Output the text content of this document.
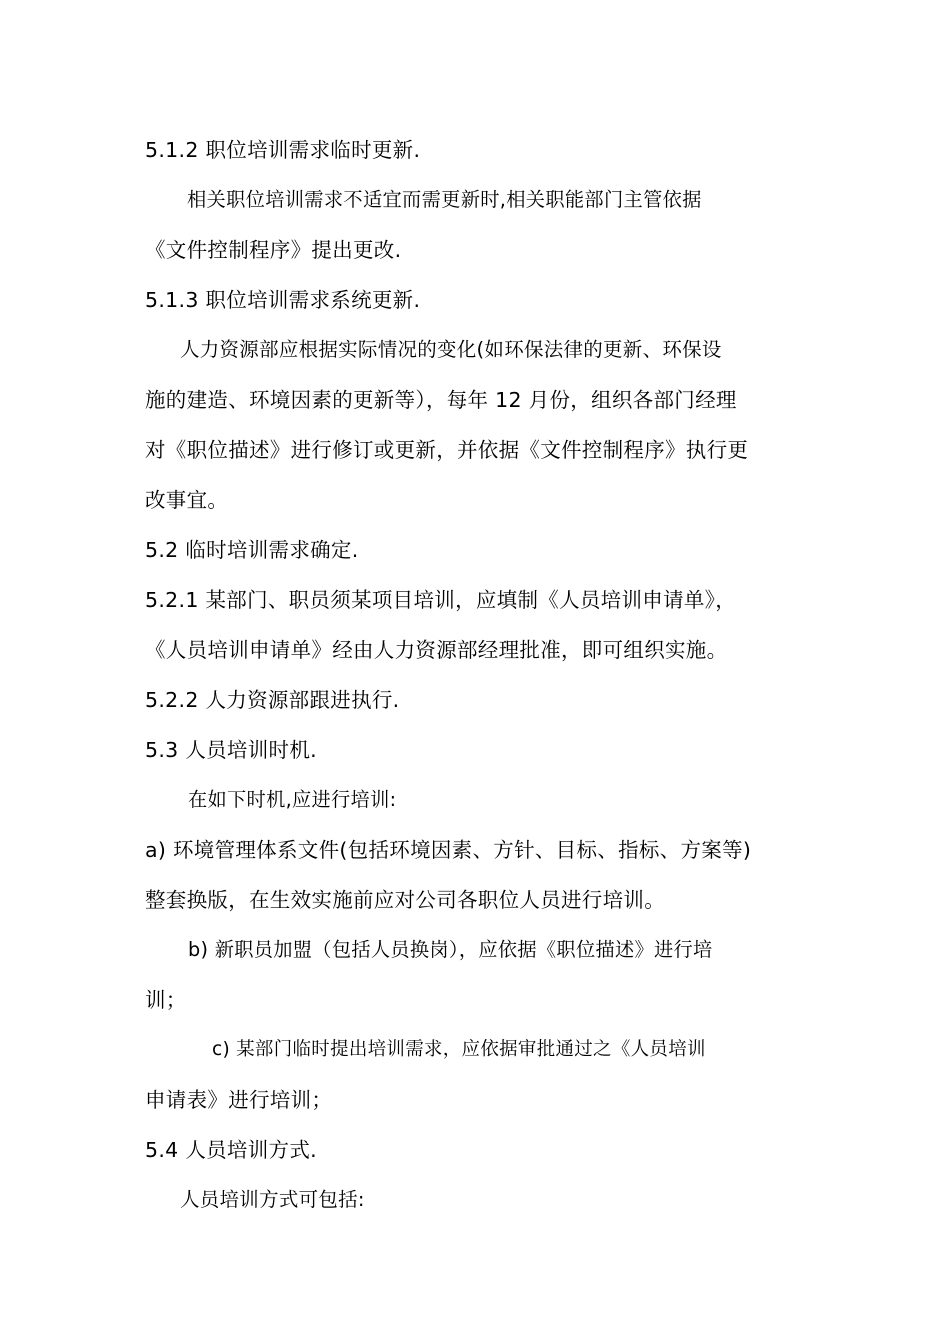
5.1.2 职位培训需求临时更新.
相关职位培训需求不适宜而需更新时,相关职能部门主管依据
《文件控制程序》提出更改.
5.1.3 职位培训需求系统更新.
人力资源部应根据实际情况的变化(如环保法律的更新、环保设
施的建造、环境因素的更新等），每年 12 月份，组织各部门经理
对《职位描述》进行修订或更新，并依据《文件控制程序》执行更
改事宜。
5.2 临时培训需求确定.
5.2.1 某部门、职员须某项目培训，应填制《人员培训申请单》，
《人员培训申请单》经由人力资源部经理批准，即可组织实施。
5.2.2 人力资源部跟进执行.
5.3 人员培训时机.
在如下时机,应进行培训:
a) 环境管理体系文件(包括环境因素、方针、目标、指标、方案等)
整套换版，在生效实施前应对公司各职位人员进行培训。
b) 新职员加盟（包括人员换岗），应依据《职位描述》进行培
训；
c) 某部门临时提出培训需求，应依据审批通过之《人员培训
申请表》进行培训；
5.4 人员培训方式.
人员培训方式可包括:
